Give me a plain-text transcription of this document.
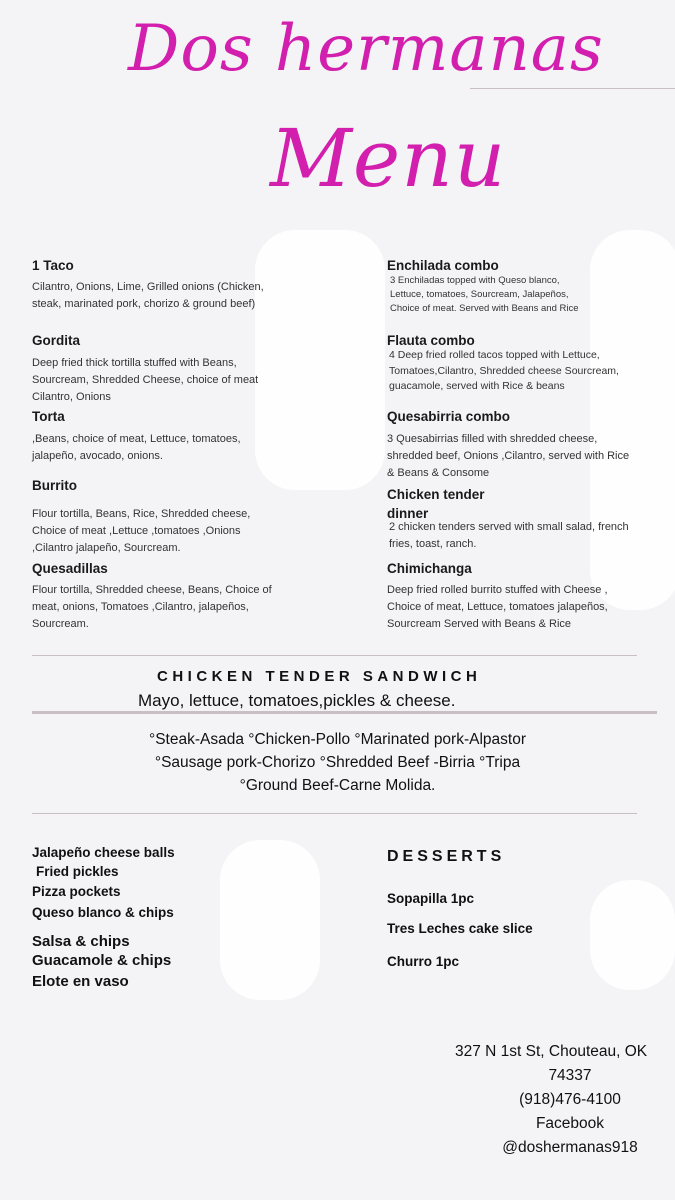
Dos hermanas
Menu
1 Taco
Cilantro, Onions, Lime, Grilled onions (Chicken, steak, marinated pork, chorizo & ground beef)
Gordita
Deep fried thick tortilla stuffed with Beans, Sourcream, Shredded Cheese, choice of meat Cilantro, Onions
Torta
,Beans, choice of meat, Lettuce, tomatoes, jalapeño, avocado, onions.
Burrito
Flour tortilla, Beans, Rice, Shredded cheese, Choice of meat ,Lettuce ,tomatoes ,Onions ,Cilantro jalapeño, Sourcream.
Quesadillas
Flour tortilla, Shredded cheese, Beans, Choice of meat, onions, Tomatoes ,Cilantro, jalapeños, Sourcream.
Enchilada combo
3 Enchiladas topped with Queso blanco, Lettuce, tomatoes, Sourcream, Jalapeños, Choice of meat. Served with Beans and Rice
Flauta combo
4 Deep fried rolled tacos topped with Lettuce, Tomatoes,Cilantro, Shredded cheese Sourcream, guacamole, served with Rice & beans
Quesabirria combo
3 Quesabirrias filled with shredded cheese, shredded beef, Onions ,Cilantro, served with Rice & Beans & Consome
Chicken tender dinner
2 chicken tenders served with small salad, french fries, toast, ranch.
Chimichanga
Deep fried rolled burrito stuffed with Cheese , Choice of meat, Lettuce, tomatoes jalapeños, Sourcream Served with Beans & Rice
CHICKEN TENDER SANDWICH
Mayo, lettuce, tomatoes,pickles & cheese.
°Steak-Asada °Chicken-Pollo °Marinated pork-Alpastor
°Sausage pork-Chorizo °Shredded Beef -Birria °Tripa
°Ground Beef-Carne Molida.
Jalapeño cheese balls
Fried pickles
Pizza pockets
Queso blanco & chips
Salsa & chips
Guacamole & chips
Elote en vaso
DESSERTS
Sopapilla 1pc
Tres Leches cake slice
Churro 1pc
327 N 1st St, Chouteau, OK
74337
(918)476-4100
Facebook
@doshermanas918
